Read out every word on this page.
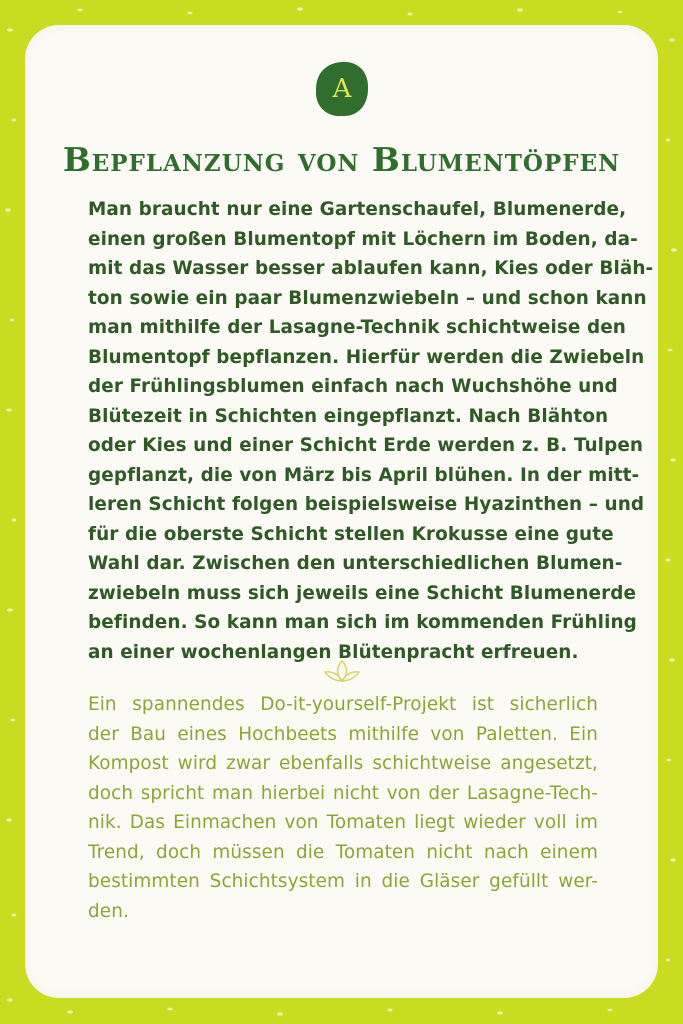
A
Bepflanzung von Blumentöpfen
Man braucht nur eine Gartenschaufel, Blumenerde,
einen großen Blumentopf mit Löchern im Boden, da-
mit das Wasser besser ablaufen kann, Kies oder Bläh-
ton sowie ein paar Blumenzwiebeln – und schon kann
man mithilfe der Lasagne-Technik schichtweise den
Blumentopf bepflanzen. Hierfür werden die Zwiebeln
der Frühlingsblumen einfach nach Wuchshöhe und
Blütezeit in Schichten eingepflanzt. Nach Blähton
oder Kies und einer Schicht Erde werden z. B. Tulpen
gepflanzt, die von März bis April blühen. In der mitt-
leren Schicht folgen beispielsweise Hyazinthen – und
für die oberste Schicht stellen Krokusse eine gute
Wahl dar. Zwischen den unterschiedlichen Blumen-
zwiebeln muss sich jeweils eine Schicht Blumenerde
befinden. So kann man sich im kommenden Frühling
an einer wochenlangen Blütenpracht erfreuen.
Ein spannendes Do-it-yourself-Projekt ist sicherlich
der Bau eines Hochbeets mithilfe von Paletten. Ein
Kompost wird zwar ebenfalls schichtweise angesetzt,
doch spricht man hierbei nicht von der Lasagne-Tech-
nik. Das Einmachen von Tomaten liegt wieder voll im
Trend, doch müssen die Tomaten nicht nach einem
bestimmten Schichtsystem in die Gläser gefüllt wer-
den.
